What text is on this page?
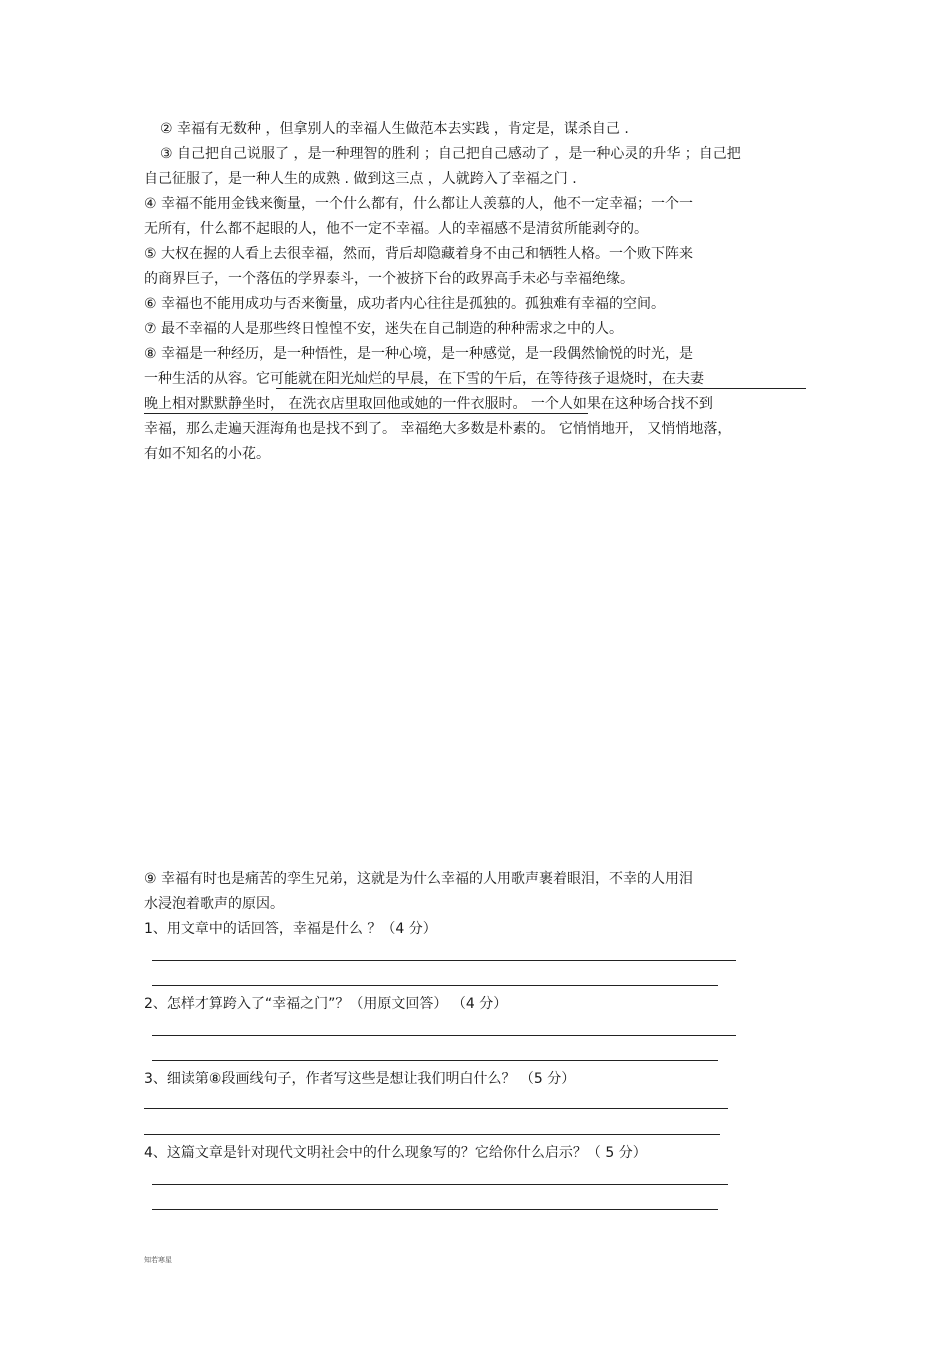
② 幸福有无数种 ，但拿别人的幸福人生做范本去实践 ，肯定是，谋杀自己 .
③ 自己把自己说服了 ，是一种理智的胜利 ；自己把自己感动了 ，是一种心灵的升华 ；自己把
自己征服了，是一种人生的成熟 . 做到这三点 ，人就跨入了幸福之门 .
④ 幸福不能用金钱来衡量，一个什么都有，什么都让人羡慕的人，他不一定幸福；一个一
无所有，什么都不起眼的人，他不一定不幸福。人的幸福感不是清贫所能剥夺的。
⑤ 大权在握的人看上去很幸福，然而，背后却隐藏着身不由己和牺牲人格。一个败下阵来
的商界巨子，一个落伍的学界泰斗，一个被挤下台的政界高手未必与幸福绝缘。
⑥ 幸福也不能用成功与否来衡量，成功者内心往往是孤独的。孤独难有幸福的空间。
⑦ 最不幸福的人是那些终日惶惶不安，迷失在自己制造的种种需求之中的人。
⑧ 幸福是一种经历，是一种悟性，是一种心境，是一种感觉，是一段偶然愉悦的时光，是
一种生活的从容。它可能就在阳光灿烂的早晨，在下雪的午后，在等待孩子退烧时，在夫妻
晚上相对默默静坐时， 在洗衣店里取回他或她的一件衣服时。 一个人如果在这种场合找不到
幸福，那么走遍天涯海角也是找不到了。 幸福绝大多数是朴素的。 它悄悄地开， 又悄悄地落，
有如不知名的小花。
⑨ 幸福有时也是痛苦的孪生兄弟，这就是为什么幸福的人用歌声裹着眼泪，不幸的人用泪
水浸泡着歌声的原因。
1、用文章中的话回答，幸福是什么 ？（4 分）
2、怎样才算跨入了“幸福之门”？（用原文回答） （4 分）
3、细读第⑧段画线句子，作者写这些是想让我们明白什么？ （5 分）
4、这篇文章是针对现代文明社会中的什么现象写的？它给你什么启示？（ 5 分）
知若寒星
